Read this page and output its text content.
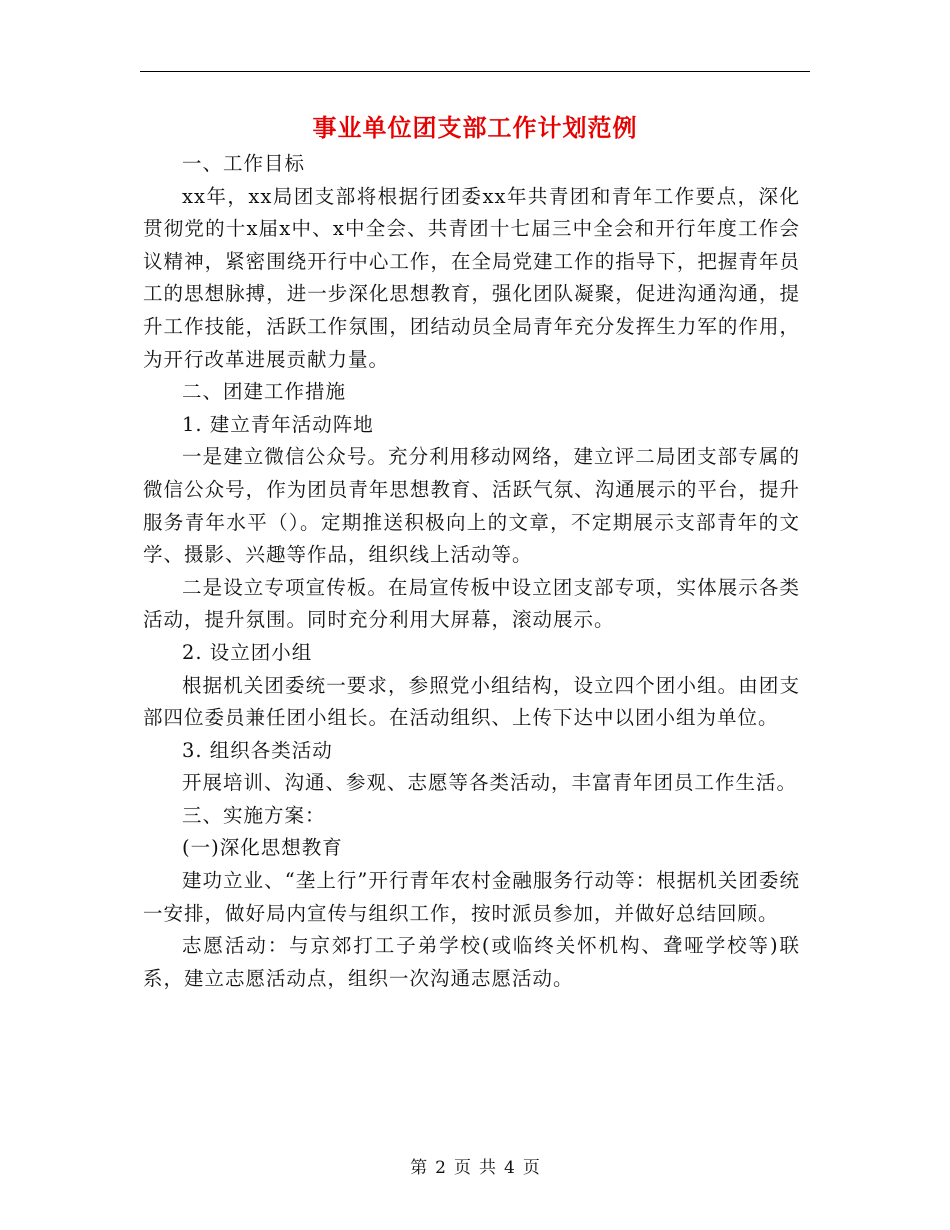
事业单位团支部工作计划范例

一、工作目标

xx年，xx局团支部将根据行团委xx年共青团和青年工作要点，深化贯彻党的十x届x中、x中全会、共青团十七届三中全会和开行年度工作会议精神，紧密围绕开行中心工作，在全局党建工作的指导下，把握青年员工的思想脉搏，进一步深化思想教育，强化团队凝聚，促进沟通沟通，提升工作技能，活跃工作氛围，团结动员全局青年充分发挥生力军的作用，为开行改革进展贡献力量。

二、团建工作措施

1. 建立青年活动阵地

一是建立微信公众号。充分利用移动网络，建立评二局团支部专属的微信公众号，作为团员青年思想教育、活跃气氛、沟通展示的平台，提升服务青年水平（）。定期推送积极向上的文章，不定期展示支部青年的文学、摄影、兴趣等作品，组织线上活动等。

二是设立专项宣传板。在局宣传板中设立团支部专项，实体展示各类活动，提升氛围。同时充分利用大屏幕，滚动展示。

2. 设立团小组

根据机关团委统一要求，参照党小组结构，设立四个团小组。由团支部四位委员兼任团小组长。在活动组织、上传下达中以团小组为单位。

3. 组织各类活动

开展培训、沟通、参观、志愿等各类活动，丰富青年团员工作生活。

三、实施方案：

(一)深化思想教育

建功立业、“垄上行”开行青年农村金融服务行动等：根据机关团委统一安排，做好局内宣传与组织工作，按时派员参加，并做好总结回顾。

志愿活动：与京郊打工子弟学校(或临终关怀机构、聋哑学校等)联系，建立志愿活动点，组织一次沟通志愿活动。

第 2 页 共 4 页
